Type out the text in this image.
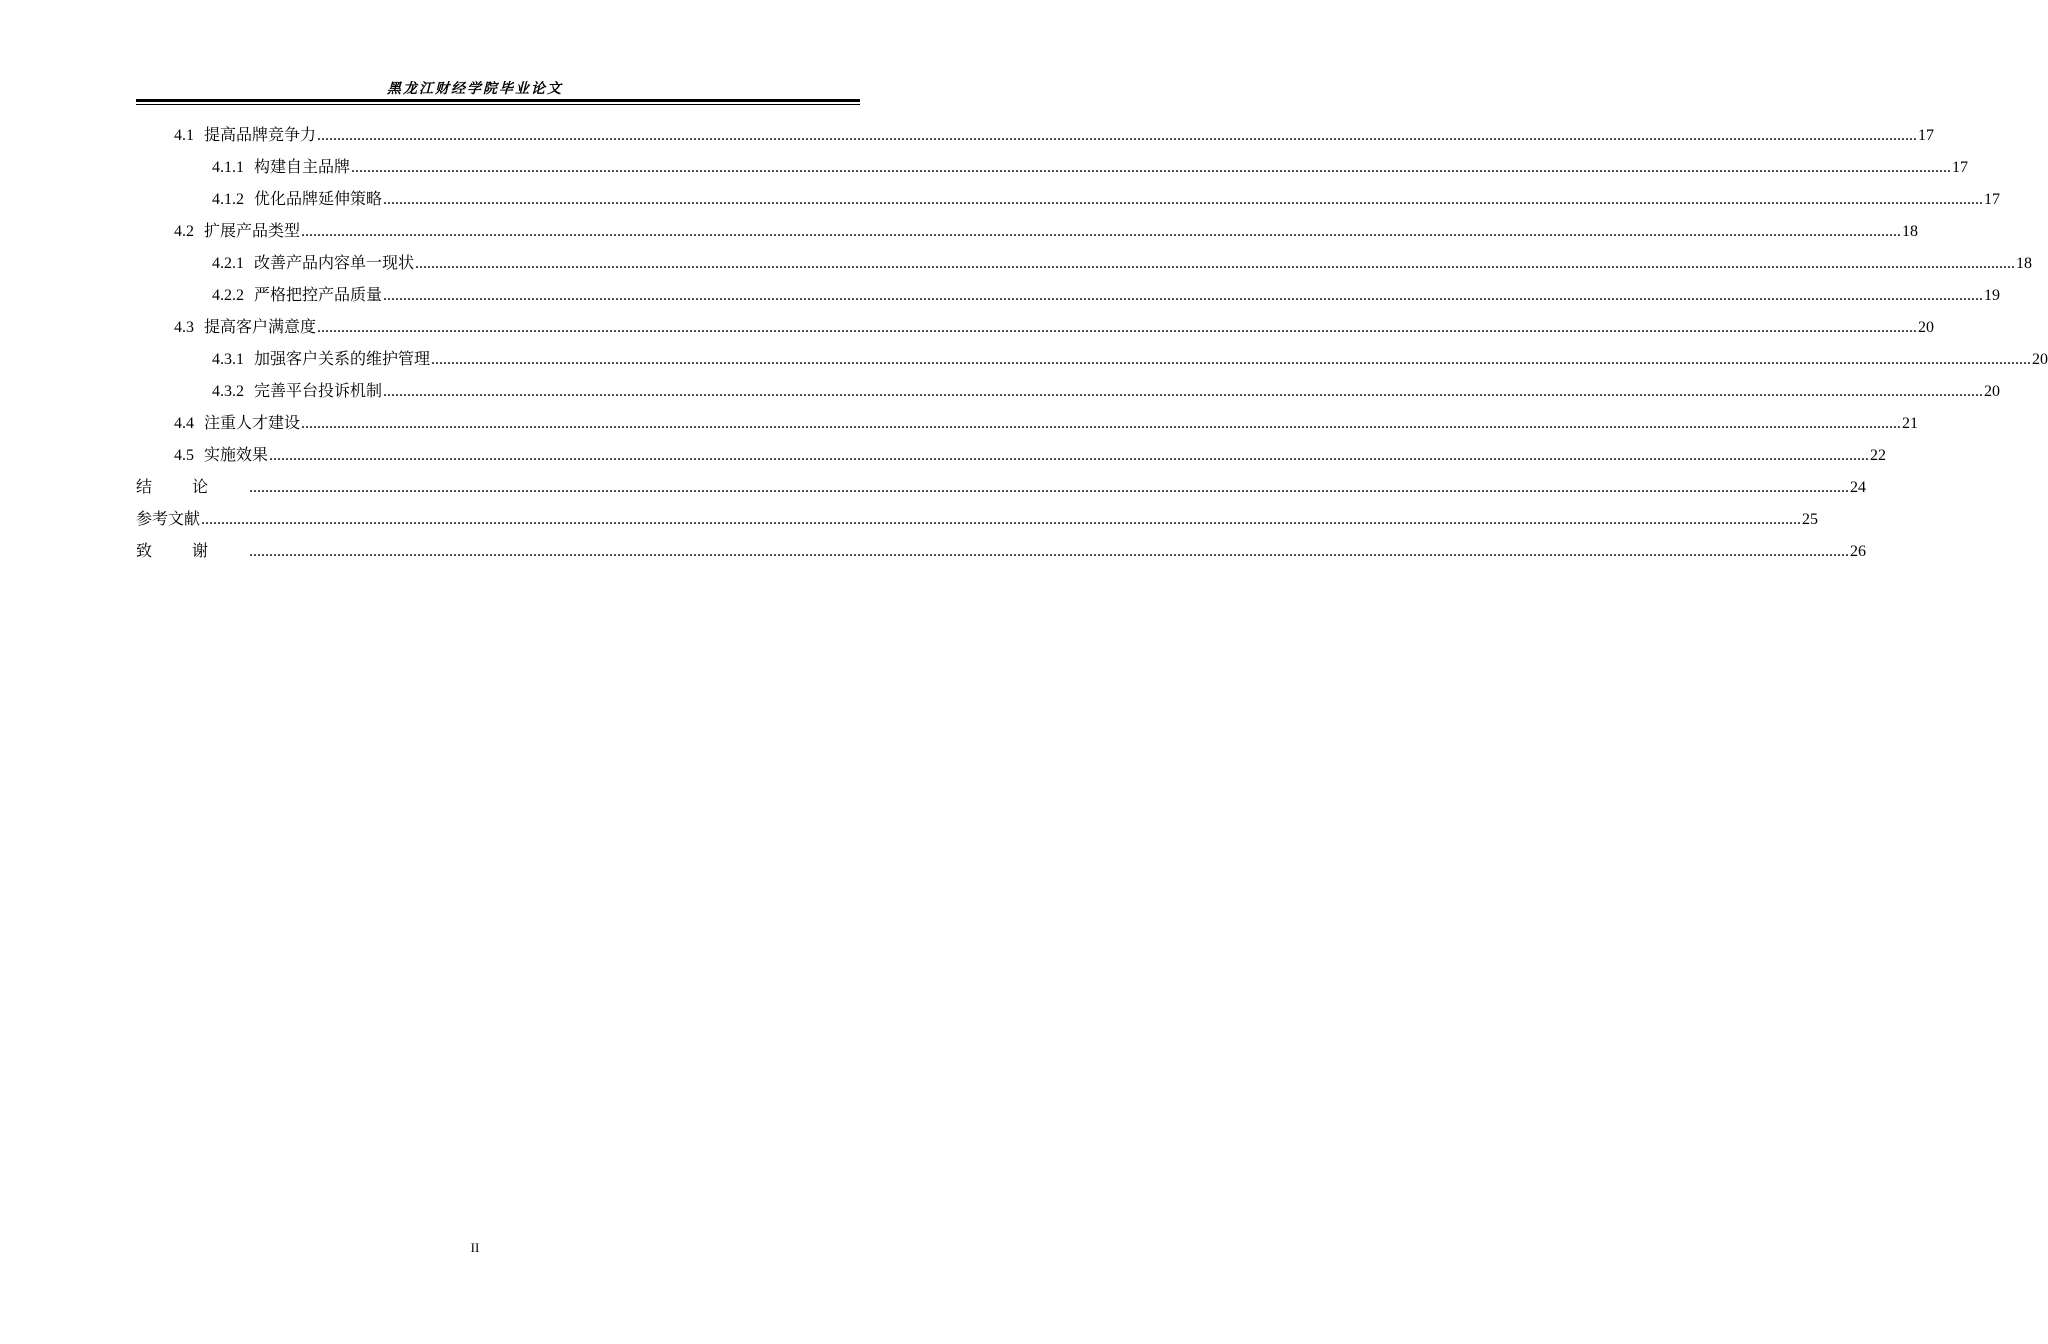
黑龙江财经学院毕业论文
4.1 提高品牌竞争力 ................................................................................................................................................................................................................................................................................................................................................................................................................ 17
4.1.1 构建自主品牌 ................................................................................................................................................................................................................................................................................................................................................................................................................ 17
4.1.2 优化品牌延伸策略 ................................................................................................................................................................................................................................................................................................................................................................................................................ 17
4.2 扩展产品类型 ................................................................................................................................................................................................................................................................................................................................................................................................................ 18
4.2.1 改善产品内容单一现状 ................................................................................................................................................................................................................................................................................................................................................................................................................ 18
4.2.2 严格把控产品质量 ................................................................................................................................................................................................................................................................................................................................................................................................................ 19
4.3 提高客户满意度 ................................................................................................................................................................................................................................................................................................................................................................................................................ 20
4.3.1 加强客户关系的维护管理 ................................................................................................................................................................................................................................................................................................................................................................................................................ 20
4.3.2 完善平台投诉机制 ................................................................................................................................................................................................................................................................................................................................................................................................................ 20
4.4 注重人才建设 ................................................................................................................................................................................................................................................................................................................................................................................................................ 21
4.5 实施效果 ................................................................................................................................................................................................................................................................................................................................................................................................................ 22
结论 ................................................................................................................................................................................................................................................................................................................................................................................................................ 24
参考文献 ................................................................................................................................................................................................................................................................................................................................................................................................................ 25
致谢 ................................................................................................................................................................................................................................................................................................................................................................................................................ 26
II
